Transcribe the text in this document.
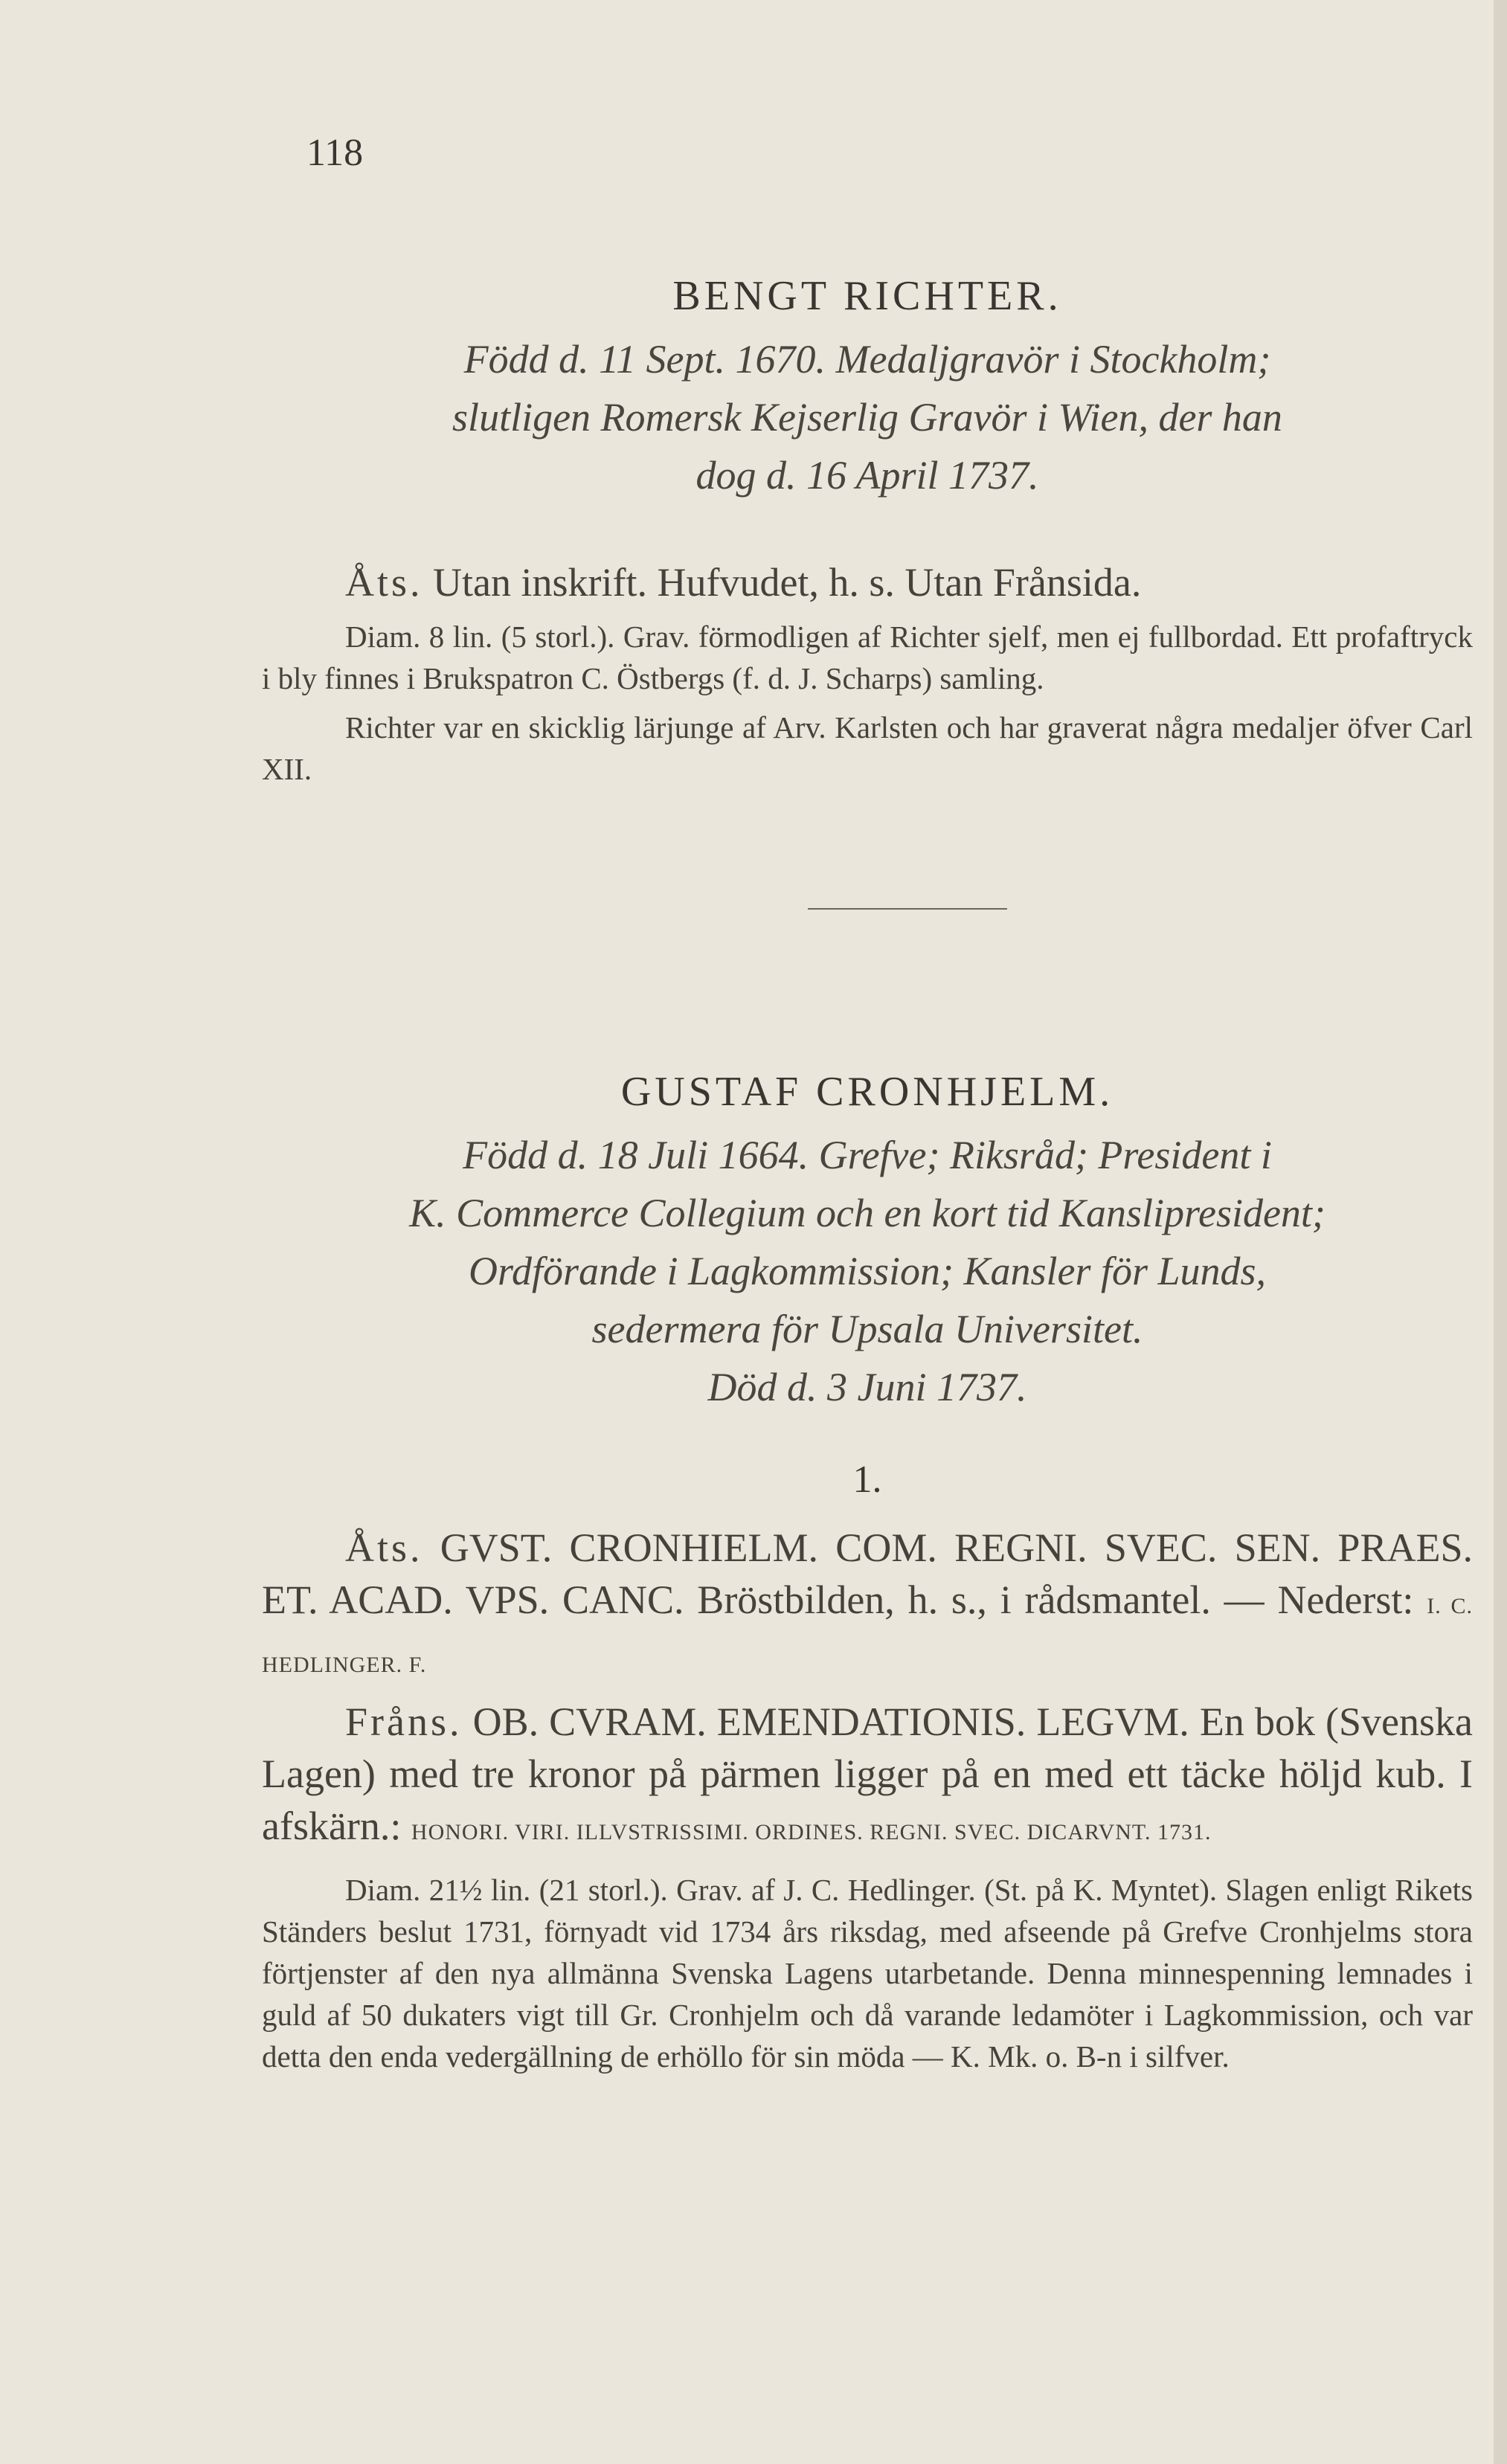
118
BENGT RICHTER.

Född d. 11 Sept. 1670. Medaljgravör i Stockholm;
slutligen Romersk Kejserlig Gravör i Wien, der han
dog d. 16 April 1737.

Åts. Utan inskrift. Hufvudet, h. s. Utan Frånsida.

Diam. 8 lin. (5 storl.). Grav. förmodligen af Richter sjelf, men ej fullbordad. Ett profaftryck i bly finnes i Brukspatron C. Östbergs (f. d. J. Scharps) samling.

Richter var en skicklig lärjunge af Arv. Karlsten och har graverat några medaljer öfver Carl XII.

GUSTAF CRONHJELM.

Född d. 18 Juli 1664. Grefve; Riksråd; President i
K. Commerce Collegium och en kort tid Kanslipresident;
Ordförande i Lagkommission; Kansler för Lunds,
sedermera för Upsala Universitet.
Död d. 3 Juni 1737.

1.

Åts. GVST. CRONHIELM. COM. REGNI. SVEC. SEN. PRAES. ET. ACAD. VPS. CANC. Bröstbilden, h. s., i rådsmantel. — Nederst: I. C. HEDLINGER. F.

Fråns. OB. CVRAM. EMENDATIONIS. LEGVM. En bok (Svenska Lagen) med tre kronor på pärmen ligger på en med ett täcke höljd kub. I afskärn.: HONORI. VIRI. ILLVSTRISSIMI. ORDINES. REGNI. SVEC. DICARVNT. 1731.

Diam. 21½ lin. (21 storl.). Grav. af J. C. Hedlinger. (St. på K. Myntet). Slagen enligt Rikets Ständers beslut 1731, förnyadt vid 1734 års riksdag, med afseende på Grefve Cronhjelms stora förtjenster af den nya allmänna Svenska Lagens utarbetande. Denna minnespenning lemnades i guld af 50 dukaters vigt till Gr. Cronhjelm och då varande ledamöter i Lagkommission, och var detta den enda vedergällning de erhöllo för sin möda — K. Mk. o. B-n i silfver.
